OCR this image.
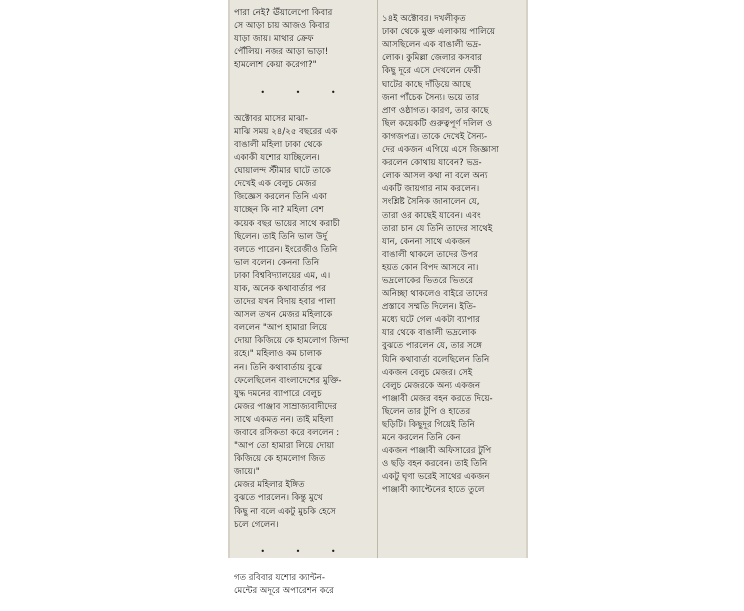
পারা নেই? ঊঁয়ালেপো কিবার
সে আড়া চায় আজও কিবার
যাড়া জায়। মাথার ক্রেফ
পৌঁলিয়। নজর আড়া ভাড়া!
হামলোশ কেয়া করেগা?"

• • •

অক্টোবর মাসের মাঝা-
মাঝি সময় ২৪/২৫ বছরের এক
বাঙালী মহিলা ঢাকা থেকে
একাকী যশোর যাচ্ছিলেন।
ঘোয়ালন্দ স্টীমার ঘাটে তাকে
দেখেই এক বেলুচ মেজর
জিজ্ঞেস করলেন তিনি একা
যাচ্ছেন কি না? মহিলা বেশ
কয়েক বছর ভায়ের সাথে করাচী
ছিলেন। তাই তিনি ভাল উর্দু
বলতে পারেন। ইংরেজীও তিনি
ভাল বলেন। কেননা তিনি
ঢাকা বিশ্ববিদ্যালয়ের এম, এ।
যাক, অনেক কথাবার্তার পর
তাদের যখন বিদায় হবার পালা
আসল তখন মেজর মহিলাকে
বললেন "আপ হামারা লিয়ে
দোয়া কিজিয়ে কে হামলোগ জিন্দা
রহে।" মহিলাও কম চালাক
নন। তিনি কথাবার্তায় বুঝে
ফেলেছিলেন বাংলাদেশের মুক্তি-
যুদ্ধ দমনের ব্যাপারে বেলুচ
মেজর পাঞ্জাব সাম্রাজ্যবাদীদের
সাথে একমত নন। তাই মহিলা
জবাবে রসিকতা করে বললেন :
"আপ তো হামারা লিয়ে দোয়া
কিজিয়ে কে হামলোগ জিত
জায়ে।"
মেজর মহিলার ইঙ্গিত
বুঝতে পারলেন। কিন্তু মুখে
কিছু না বলে একটু মুচকি হেসে
চলে গেলেন।

• • •

গত রবিবার যশোর ক্যান্টন-
মেন্টের অদূরে অপারেশন করে

১৪ই অক্টোবর। দখলীকৃত
ঢাকা থেকে মুক্ত এলাকায় পালিয়ে
আসছিলেন এক বাঙালী ভদ্র-
লোক। কুমিল্লা জেলার কসবার
কিছু দূরে এসে দেখলেন ফেরী
ঘাটের কাছে দাঁড়িয়ে আছে
জনা পাঁচেক সৈন্য। ভয়ে তার
প্রাণ ওষ্ঠাগত। কারণ, তার কাছে
ছিল কয়েকটি গুরুত্বপূর্ণ দলিল ও
কাগজপত্র। তাকে দেখেই সৈন্য-
দের একজন এগিয়ে এসে জিজ্ঞাসা
করলেন কোথায় যাবেন? ভদ্র-
লোক আসল কথা না বলে অন্য
একটি জায়গার নাম করলেন।
সংশ্লিষ্ট সৈনিক জানালেন যে,
তারা ওর কাছেই যাবেন। এবং
তারা চান যে তিনি তাদের সাথেই
যান, কেননা সাথে একজন
বাঙালী থাকলে তাদের উপর
হয়ত কোন বিপদ আসবে না।
ভদ্রলোকের ভিতরে ভিতরে
অনিচ্ছা থাকলেও বাইরে তাদের
প্রস্তাবে সম্মতি দিলেন। ইতি-
মধ্যে ঘটে গেল একটা ব্যাপার
যার থেকে বাঙালী ভদ্রলোক
বুঝতে পারলেন যে, তার সঙ্গে
যিনি কথাবার্তা বলেছিলেন তিনি
একজন বেলুচ মেজর। সেই
বেলুচ মেজরকে অন্য একজন
পাঞ্জাবী মেজর বহন করতে দিয়ে-
ছিলেন তার টুপি ও হাতের
ছড়িটি। কিছুদূর গিয়েই তিনি
মনে করলেন তিনি কেন
একজন পাঞ্জাবী অফিসারের টুপি
ও ছড়ি বহন করবেন। তাই তিনি
একটু ঘৃণা ভরেই সাথের একজন
পাঞ্জাবী ক্যাপ্টেনের হাতে তুলে
